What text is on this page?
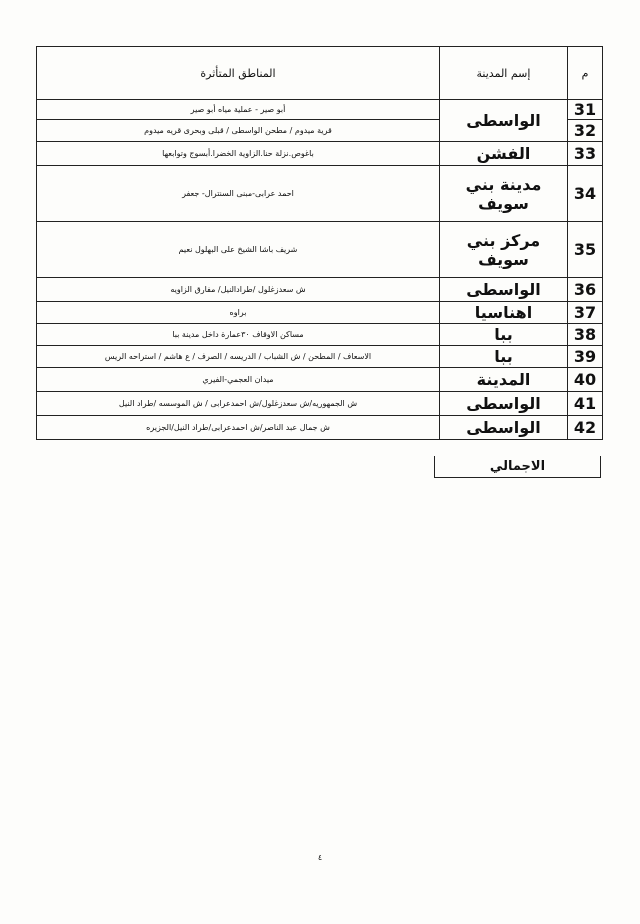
المناطق المتأثرة	إسم المدينة	م
أبو صير - عملية مياه أبو صير	الواسطى	31
قرية ميدوم / مطحن الواسطى / قبلى وبحرى قريه ميدوم		32
باغوص.نزلة حنا.الزاوية الخضرا.أبسوج وتوابعها	الفشن	33
احمد عرابى-مبنى السنترال- جعفر	مدينة بني سويف	34
شريف باشا الشيخ على البهلول نعيم	مركز بني سويف	35
ش سعدزغلول /طرادالنيل/ مفارق الزاويه	الواسطى	36
براوه	اهناسيا	37
مساكن الاوقاف ٣٠عمارة داخل مدينة ببا	ببا	38
الاسعاف / المطحن / ش الشباب / الدريسه / الصرف / ع هاشم / استراحه الريس	ببا	39
ميدان العجمي-الفيري	المدينة	40
ش الجمهوريه/ش سعدزغلول/ش احمدعرابى / ش الموسسه /طراد النيل	الواسطى	41
ش جمال عبد الناصر/ش احمدعرابى/طراد النيل/الجزيره	الواسطى	42
الاجمالي
٤
